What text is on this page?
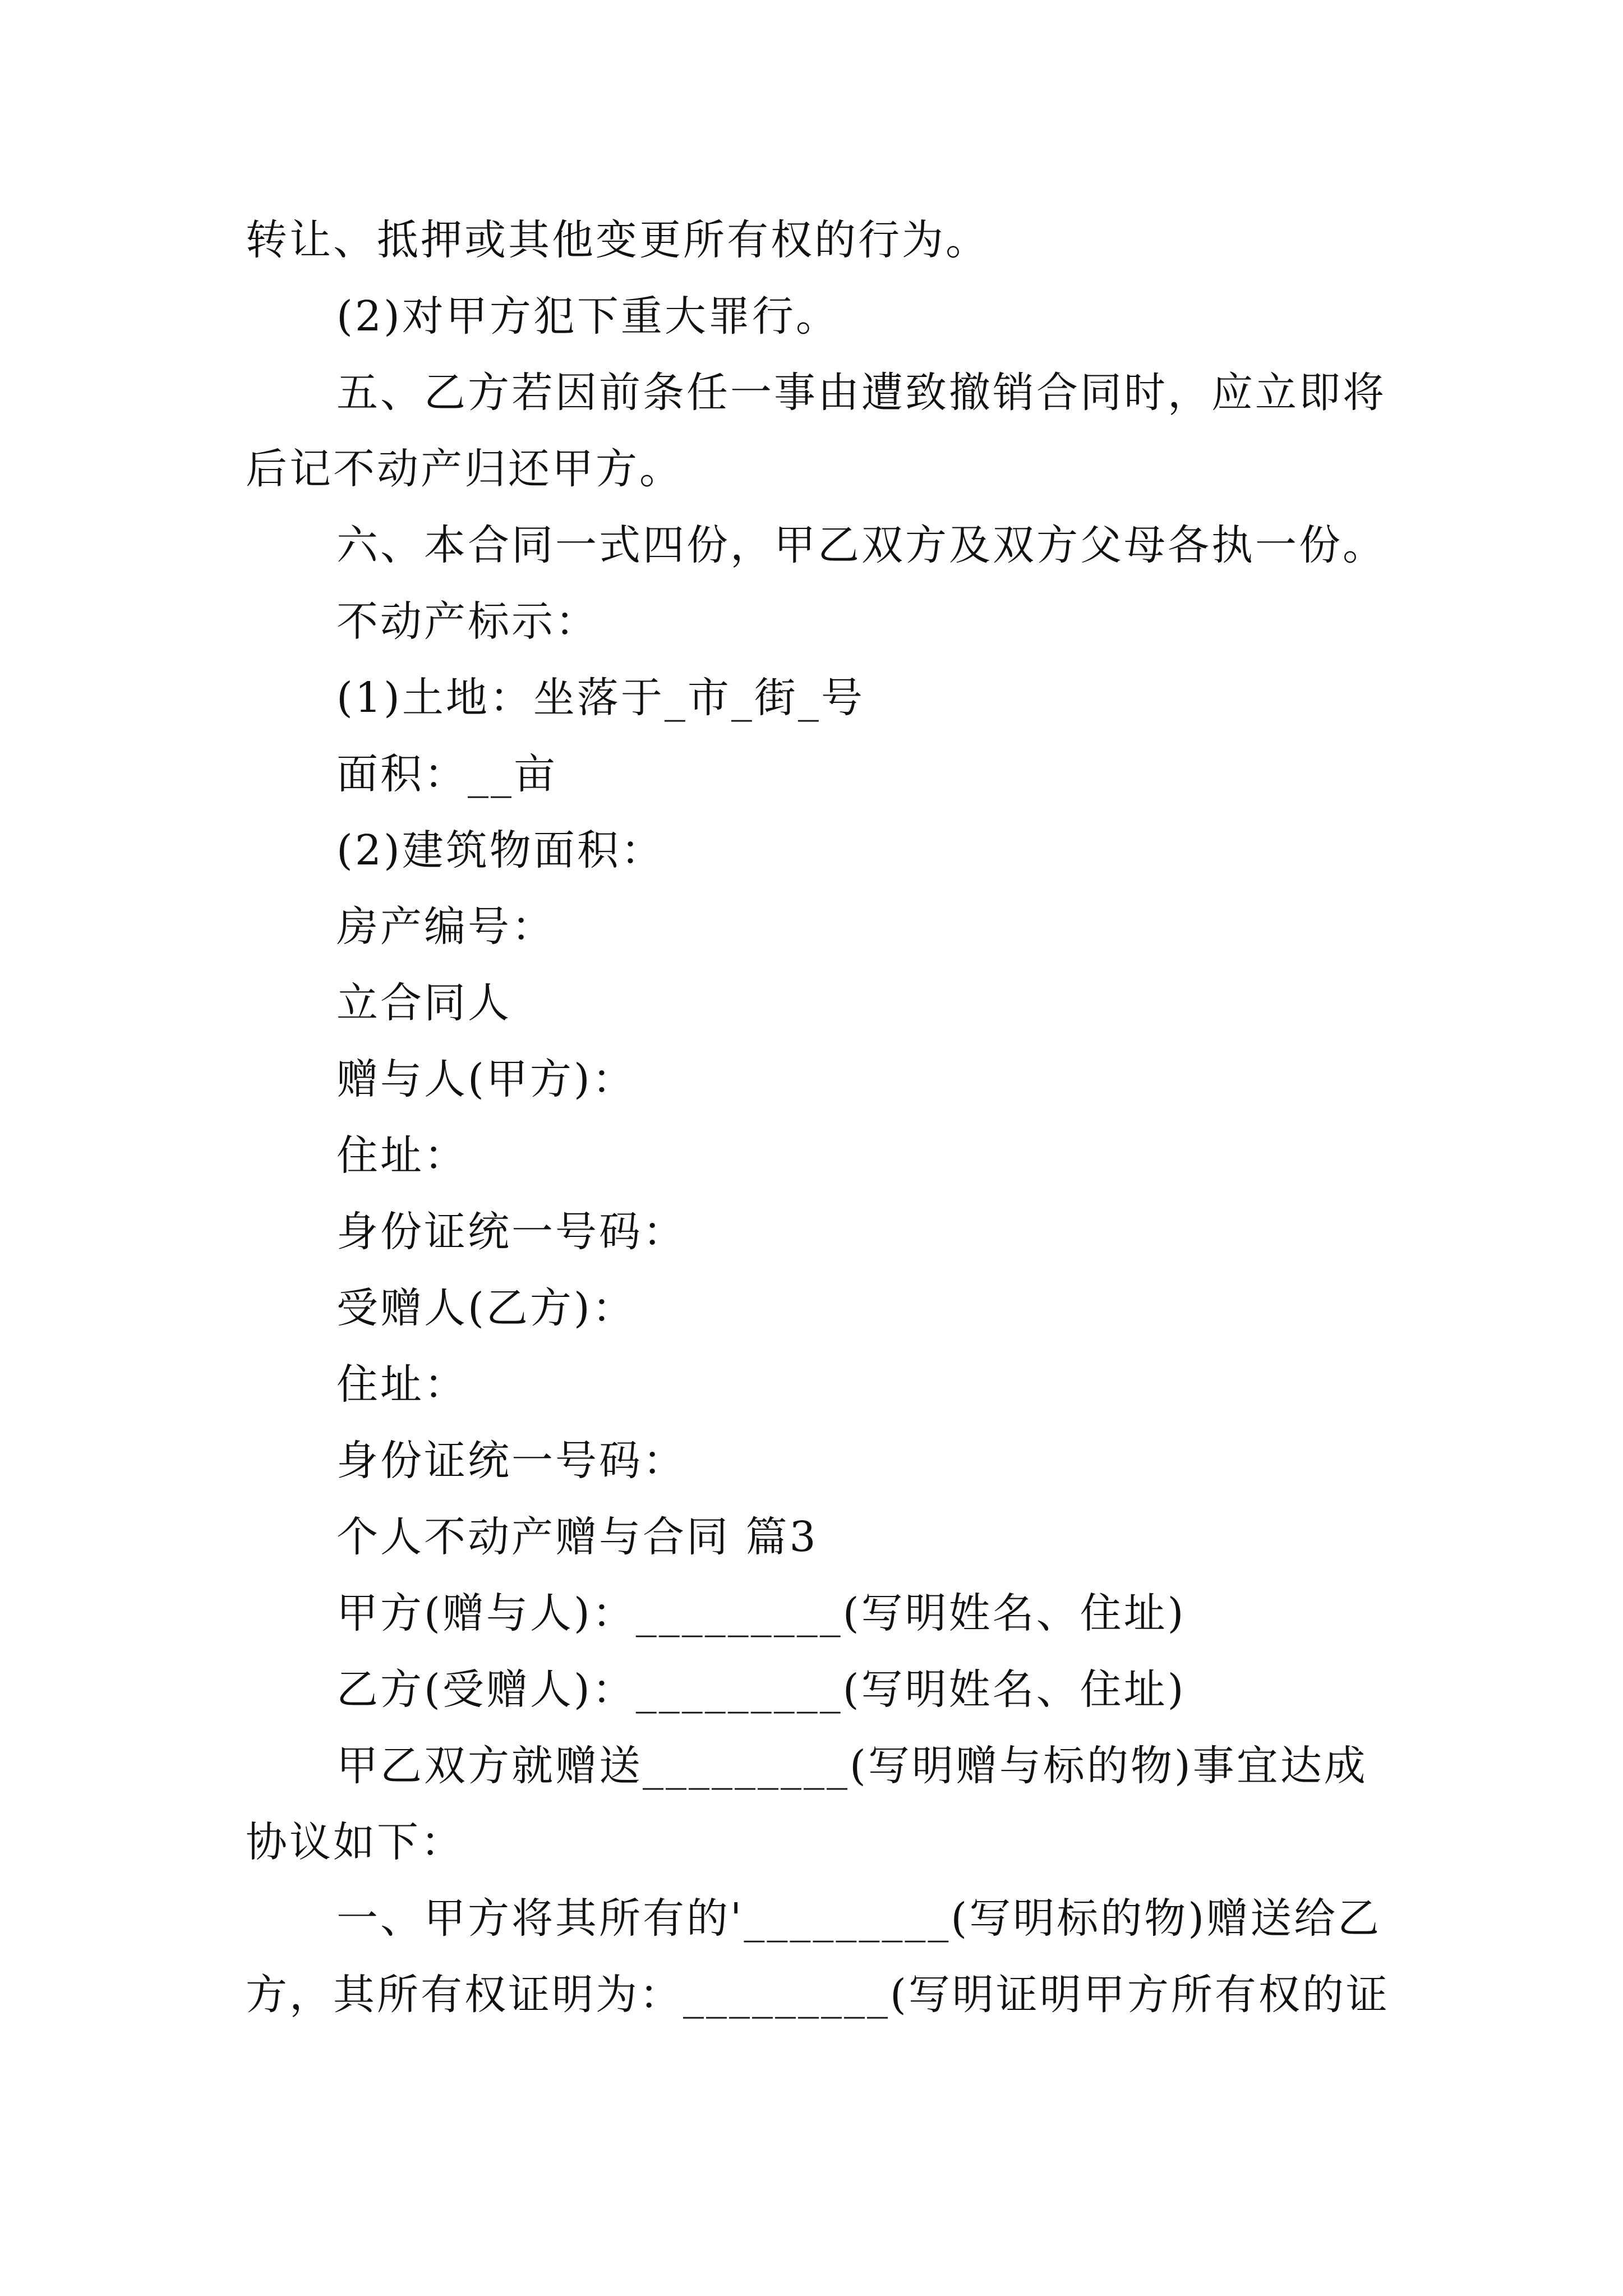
转让、抵押或其他变更所有权的行为。
(2)对甲方犯下重大罪行。
五、乙方若因前条任一事由遭致撤销合同时，应立即将
后记不动产归还甲方。
六、本合同一式四份，甲乙双方及双方父母各执一份。
不动产标示：
(1)土地：坐落于_市_街_号
面积：__亩
(2)建筑物面积：
房产编号：
立合同人
赠与人(甲方)：
住址：
身份证统一号码：
受赠人(乙方)：
住址：
身份证统一号码：
个人不动产赠与合同 篇3
甲方(赠与人)：_________(写明姓名、住址)
乙方(受赠人)：_________(写明姓名、住址)
甲乙双方就赠送_________(写明赠与标的物)事宜达成
协议如下：
一、甲方将其所有的'_________(写明标的物)赠送给乙
方，其所有权证明为：_________(写明证明甲方所有权的证
